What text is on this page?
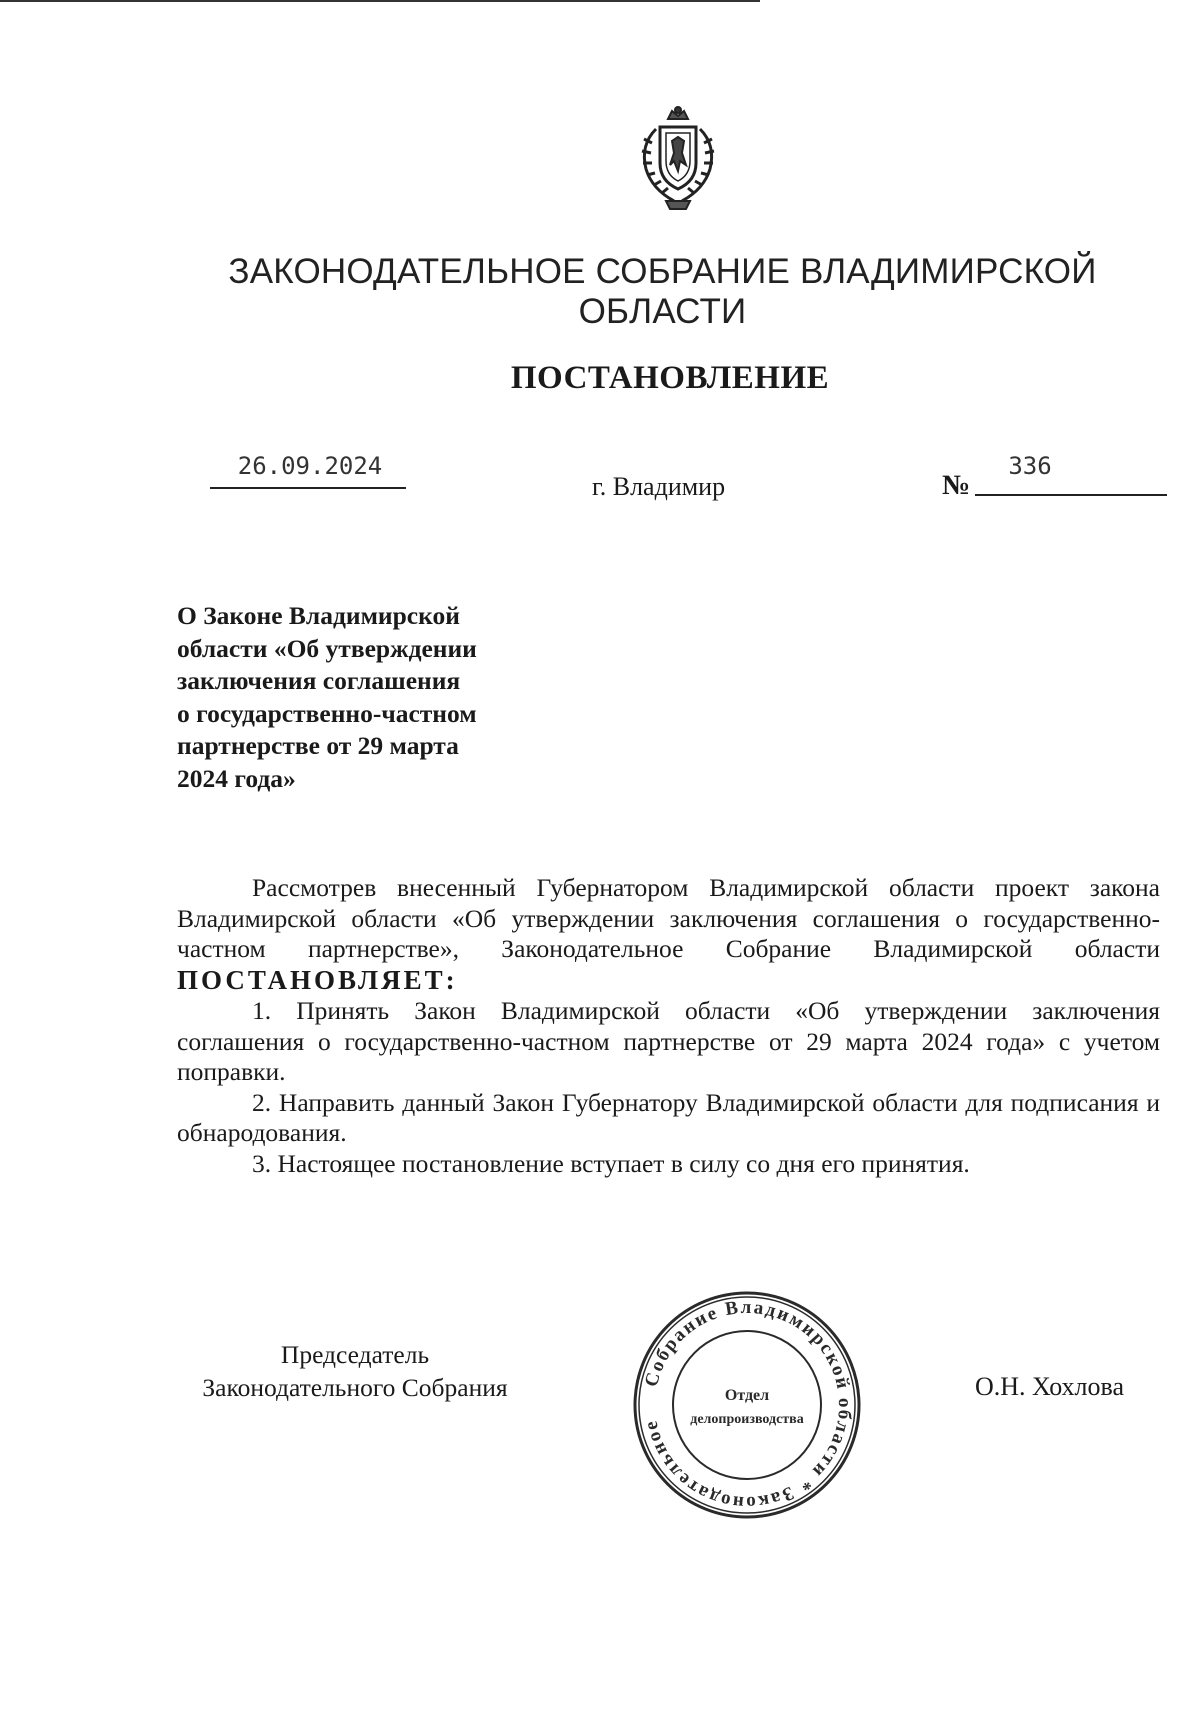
ЗАКОНОДАТЕЛЬНОЕ СОБРАНИЕ ВЛАДИМИРСКОЙ ОБЛАСТИ
ПОСТАНОВЛЕНИЕ
26.09.2024
г. Владимир	№
336
О Законе Владимирской
области «Об утверждении
заключения соглашения
о государственно-частном
партнерстве от 29 марта
2024 года»

Рассмотрев внесенный Губернатором Владимирской области проект закона Владимирской области «Об утверждении заключения соглашения о государственно-частном партнерстве», Законодательное Собрание Владимирской области ПОСТАНОВЛЯЕТ:

1. Принять Закон Владимирской области «Об утверждении заключения соглашения о государственно-частном партнерстве от 29 марта 2024 года» с учетом поправки.

2. Направить данный Закон Губернатору Владимирской области для подписания и обнародования.

3. Настоящее постановление вступает в силу со дня его принятия.

Председатель
Законодательного Собрания	Собрание Владимирской области * Законодательное
Отдел
делопроизводства
О.Н. Хохлова
